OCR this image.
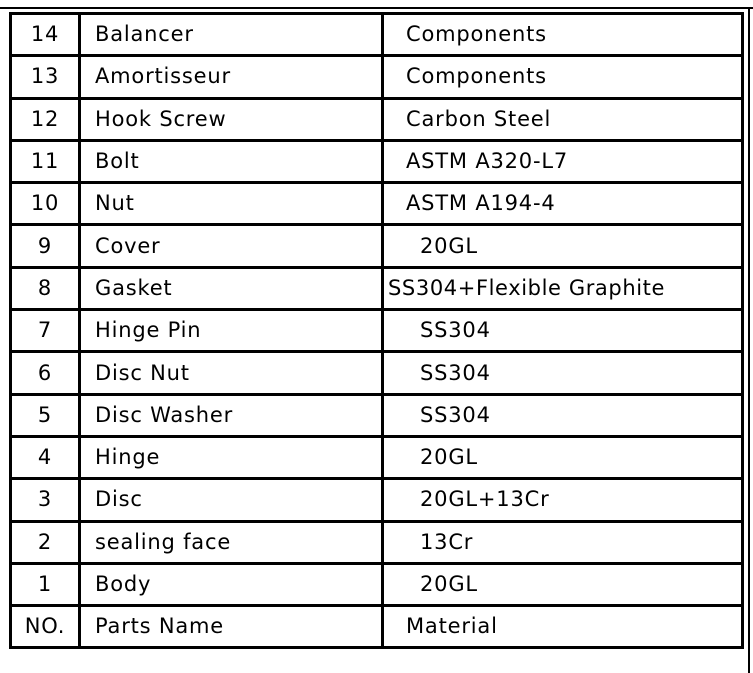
14	Balancer	Components
13	Amortisseur	Components
12	Hook Screw	Carbon Steel
11	Bolt	ASTM A320-L7
10	Nut	ASTM A194-4
9	Cover	20GL
8	Gasket	SS304+Flexible Graphite
7	Hinge Pin	SS304
6	Disc Nut	SS304
5	Disc Washer	SS304
4	Hinge	20GL
3	Disc	20GL+13Cr
2	sealing face	13Cr
1	Body	20GL
NO.	Parts Name	Material
